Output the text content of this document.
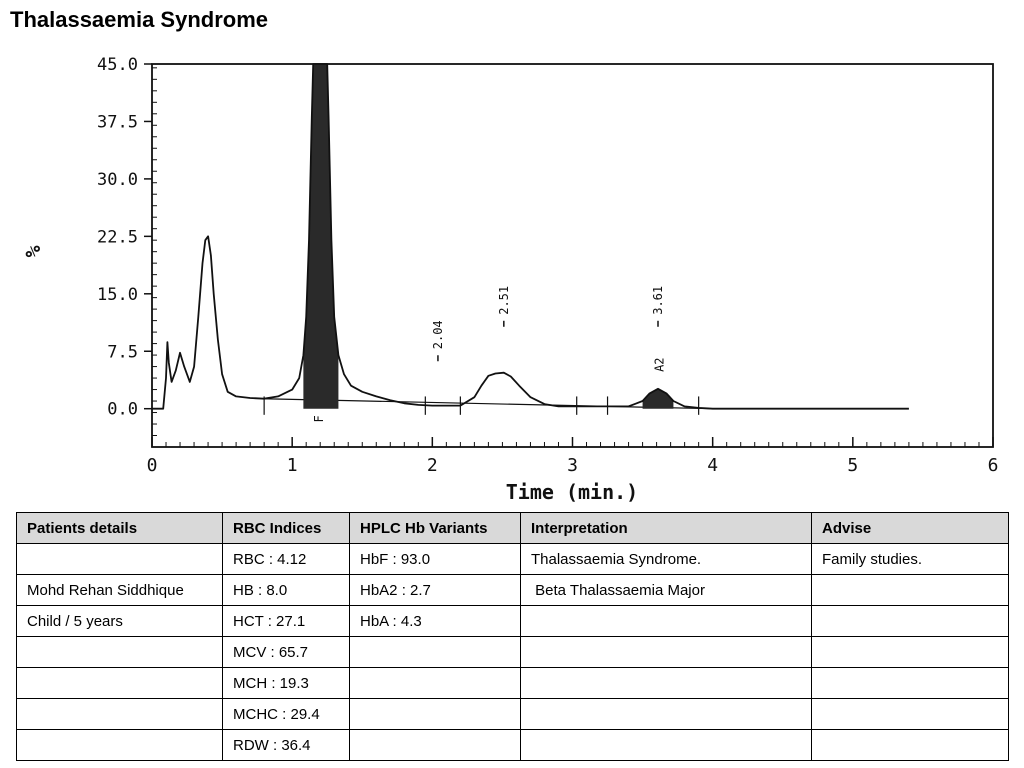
Thalassaemia Syndrome
45.0
37.5
30.0
22.5
15.0
7.5
0.0
0	1	2	3	4	5	6
Time (min.)
%
2.04
2.51	3.61
A2
F
Patients details	RBC Indices	HPLC Hb Variants	Interpretation	Advise
	RBC : 4.12	HbF : 93.0	Thalassaemia Syndrome.	Family studies.
Mohd Rehan Siddhique	HB : 8.0	HbA2 : 2.7	Beta Thalassaemia Major	
Child / 5 years	HCT : 27.1	HbA : 4.3		
	MCV : 65.7			
	MCH : 19.3			
	MCHC : 29.4			
	RDW : 36.4			
